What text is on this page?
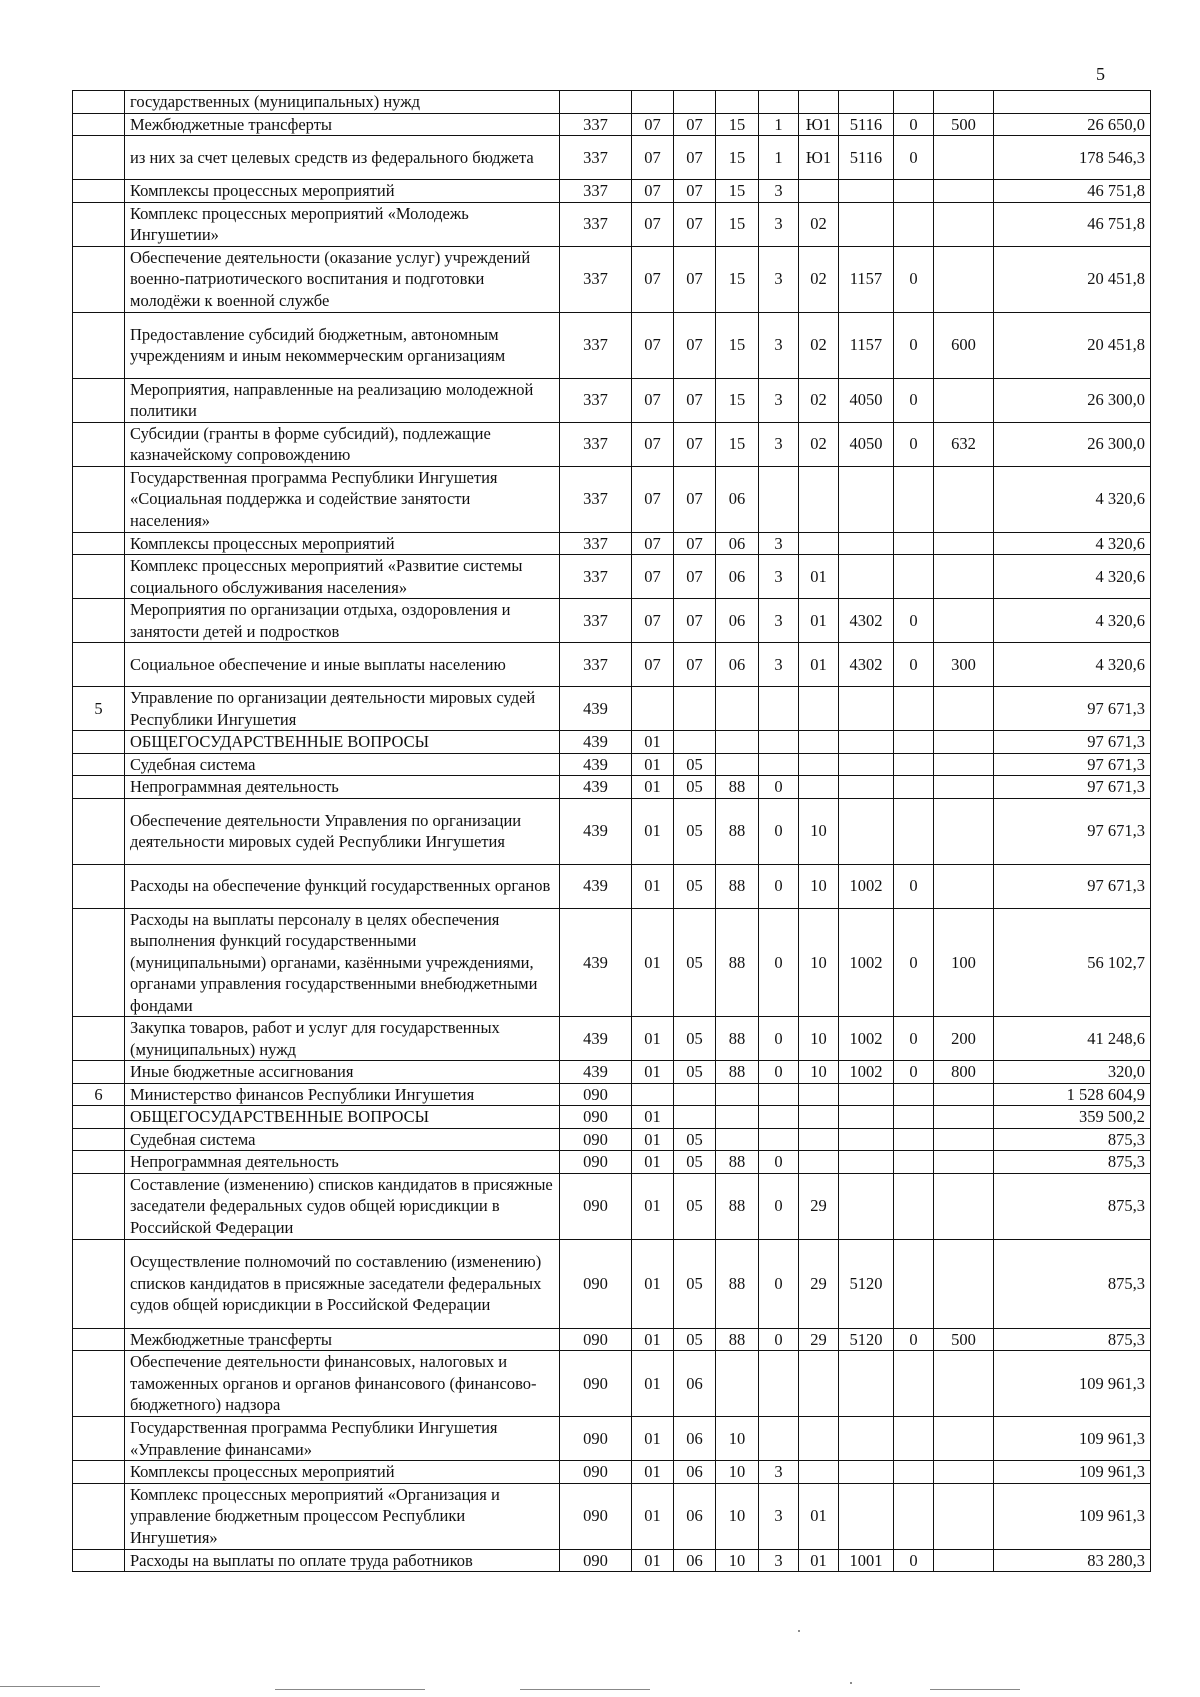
5
	государственных (муниципальных) нужд										
	Межбюджетные трансферты	337	07	07	15	1	Ю1	5116	0	500	26 650,0
	из них за счет целевых средств из федерального бюджета	337	07	07	15	1	Ю1	5116	0		178 546,3
	Комплексы процессных мероприятий	337	07	07	15	3					46 751,8
	Комплекс процессных мероприятий «Молодежь Ингушетии»	337	07	07	15	3	02				46 751,8
	Обеспечение деятельности (оказание услуг) учреждений военно-патриотического воспитания и подготовки молодёжи к военной службе	337	07	07	15	3	02	1157	0		20 451,8
	Предоставление субсидий бюджетным, автономным учреждениям и иным некоммерческим организациям	337	07	07	15	3	02	1157	0	600	20 451,8
	Мероприятия, направленные на реализацию молодежной политики	337	07	07	15	3	02	4050	0		26 300,0
	Субсидии (гранты в форме субсидий), подлежащие казначейскому сопровождению	337	07	07	15	3	02	4050	0	632	26 300,0
	Государственная программа Республики Ингушетия «Социальная поддержка и содействие занятости населения»	337	07	07	06						4 320,6
	Комплексы процессных мероприятий	337	07	07	06	3					4 320,6
	Комплекс процессных мероприятий «Развитие системы социального обслуживания населения»	337	07	07	06	3	01				4 320,6
	Мероприятия по организации отдыха, оздоровления и занятости детей и подростков	337	07	07	06	3	01	4302	0		4 320,6
	Социальное обеспечение и иные выплаты населению	337	07	07	06	3	01	4302	0	300	4 320,6
5	Управление по организации деятельности мировых судей Республики Ингушетия	439									97 671,3
	ОБЩЕГОСУДАРСТВЕННЫЕ ВОПРОСЫ	439	01								97 671,3
	Судебная система	439	01	05							97 671,3
	Непрограммная деятельность	439	01	05	88	0					97 671,3
	Обеспечение деятельности Управления по организации деятельности мировых судей Республики Ингушетия	439	01	05	88	0	10				97 671,3
	Расходы на обеспечение функций государственных органов	439	01	05	88	0	10	1002	0		97 671,3
	Расходы на выплаты персоналу в целях обеспечения выполнения функций государственными (муниципальными) органами, казёнными учреждениями, органами управления государственными внебюджетными фондами	439	01	05	88	0	10	1002	0	100	56 102,7
	Закупка товаров, работ и услуг для государственных (муниципальных) нужд	439	01	05	88	0	10	1002	0	200	41 248,6
	Иные бюджетные ассигнования	439	01	05	88	0	10	1002	0	800	320,0
6	Министерство финансов Республики Ингушетия	090									1 528 604,9
	ОБЩЕГОСУДАРСТВЕННЫЕ ВОПРОСЫ	090	01								359 500,2
	Судебная система	090	01	05							875,3
	Непрограммная деятельность	090	01	05	88	0					875,3
	Составление (изменению) списков кандидатов в присяжные заседатели федеральных судов общей юрисдикции в Российской Федерации	090	01	05	88	0	29				875,3
	Осуществление полномочий по составлению (изменению) списков кандидатов в присяжные заседатели федеральных судов общей юрисдикции в Российской Федерации	090	01	05	88	0	29	5120			875,3
	Межбюджетные трансферты	090	01	05	88	0	29	5120	0	500	875,3
	Обеспечение деятельности финансовых, налоговых и таможенных органов и органов финансового (финансово-бюджетного) надзора	090	01	06							109 961,3
	Государственная программа Республики Ингушетия «Управление финансами»	090	01	06	10						109 961,3
	Комплексы процессных мероприятий	090	01	06	10	3					109 961,3
	Комплекс процессных мероприятий «Организация и управление бюджетным процессом Республики Ингушетия»	090	01	06	10	3	01				109 961,3
	Расходы на выплаты по оплате труда работников	090	01	06	10	3	01	1001	0		83 280,3
